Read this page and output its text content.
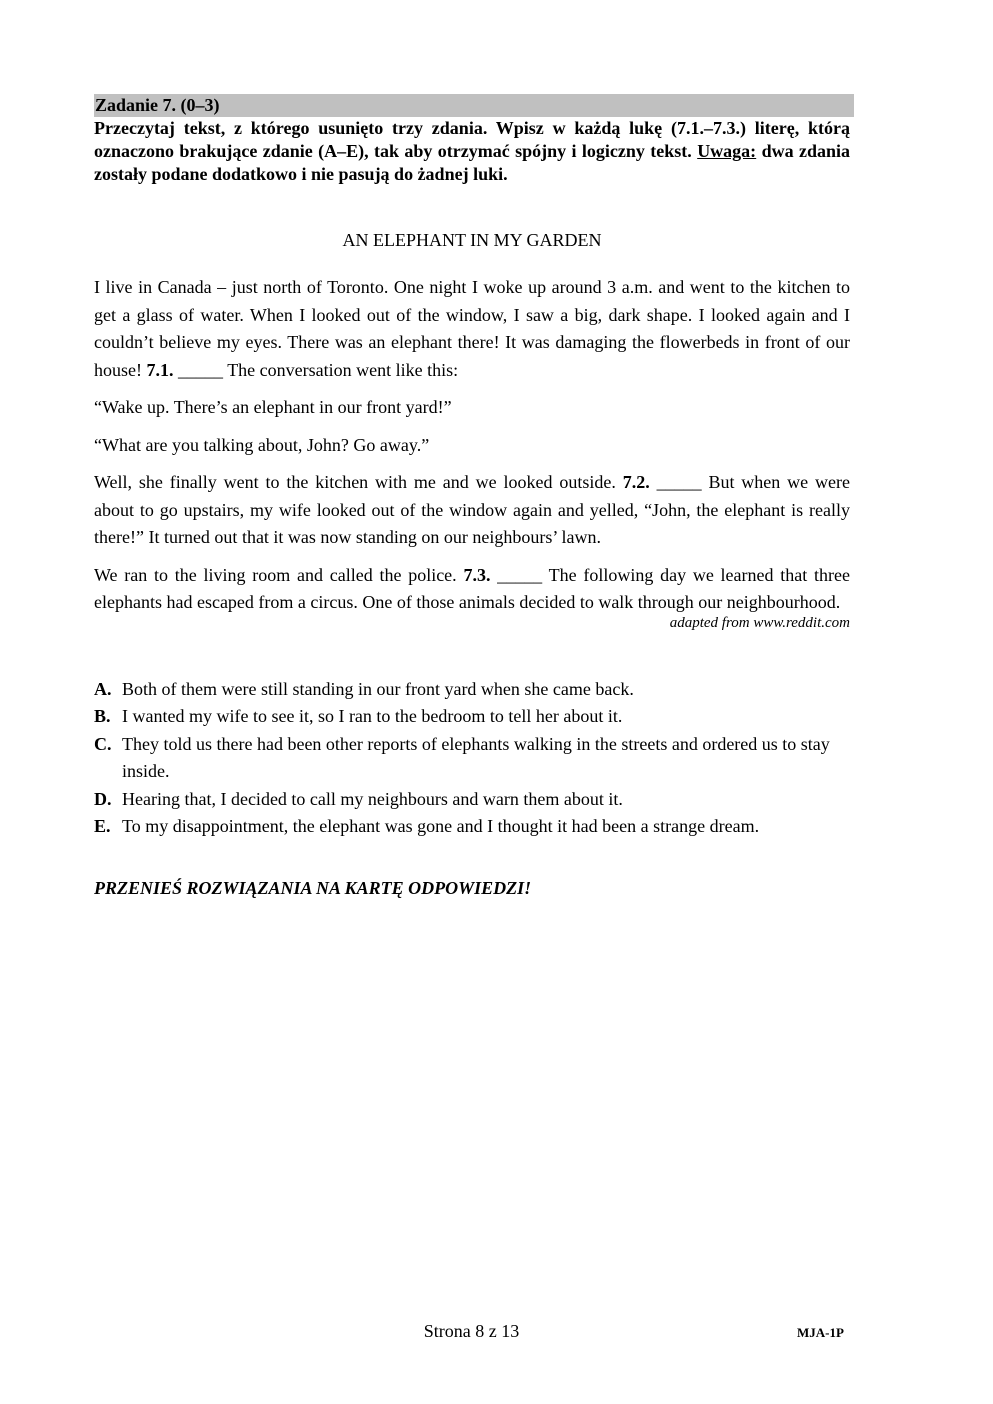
Zadanie 7. (0–3)

Przeczytaj tekst, z którego usunięto trzy zdania. Wpisz w każdą lukę (7.1.–7.3.) literę, którą oznaczono brakujące zdanie (A–E), tak aby otrzymać spójny i logiczny tekst. Uwaga: dwa zdania zostały podane dodatkowo i nie pasują do żadnej luki.

AN ELEPHANT IN MY GARDEN

I live in Canada – just north of Toronto. One night I woke up around 3 a.m. and went to the kitchen to get a glass of water. When I looked out of the window, I saw a big, dark shape. I looked again and I couldn’t believe my eyes. There was an elephant there! It was damaging the flowerbeds in front of our house! 7.1. _____ The conversation went like this:

“Wake up. There’s an elephant in our front yard!”

“What are you talking about, John? Go away.”

Well, she finally went to the kitchen with me and we looked outside. 7.2. _____ But when we were about to go upstairs, my wife looked out of the window again and yelled, “John, the elephant is really there!” It turned out that it was now standing on our neighbours’ lawn.

We ran to the living room and called the police. 7.3. _____ The following day we learned that three elephants had escaped from a circus. One of those animals decided to walk through our neighbourhood.

adapted from www.reddit.com
A. Both of them were still standing in our front yard when she came back.
B. I wanted my wife to see it, so I ran to the bedroom to tell her about it.
C. They told us there had been other reports of elephants walking in the streets and ordered us to stay inside.
D. Hearing that, I decided to call my neighbours and warn them about it.
E. To my disappointment, the elephant was gone and I thought it had been a strange dream.
PRZENIEŚ ROZWIĄZANIA NA KARTĘ ODPOWIEDZI!
Strona 8 z 13	MJA-1P
